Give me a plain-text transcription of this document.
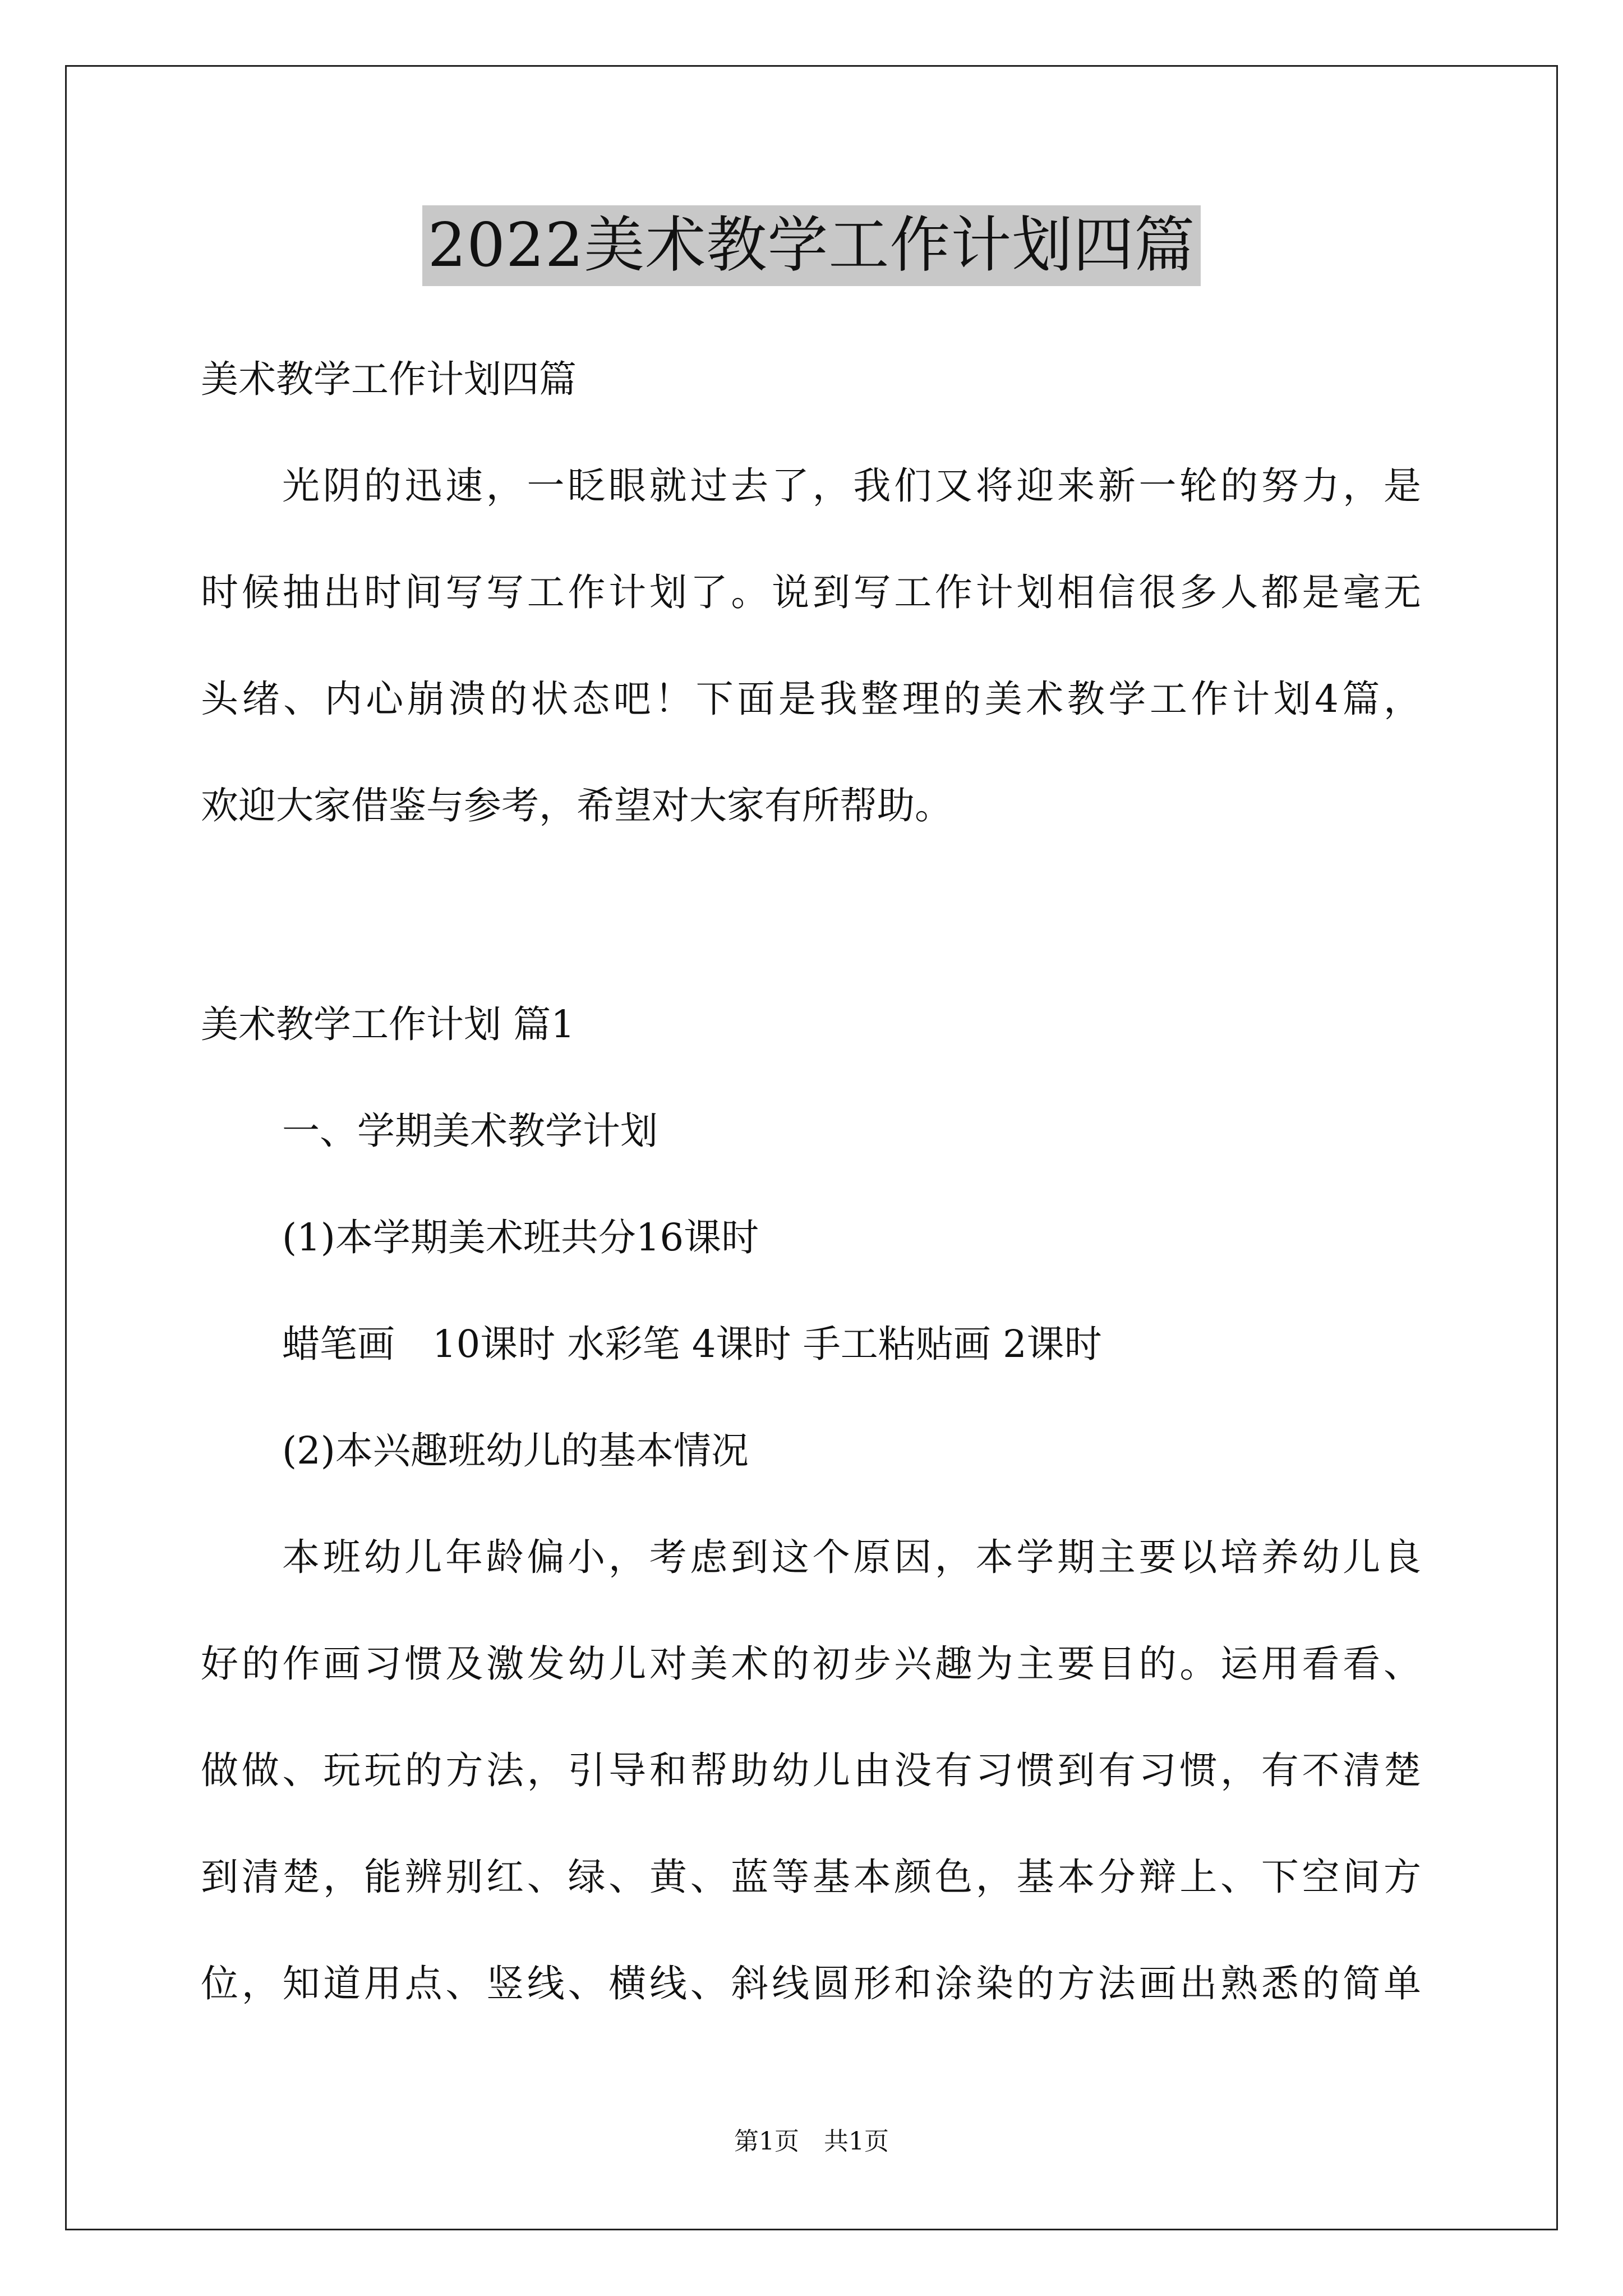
2022美术教学工作计划四篇
美术教学工作计划四篇
光阴的迅速，一眨眼就过去了，我们又将迎来新一轮的努力，是
时候抽出时间写写工作计划了。说到写工作计划相信很多人都是毫无
头绪、内心崩溃的状态吧！下面是我整理的美术教学工作计划4篇，
欢迎大家借鉴与参考，希望对大家有所帮助。
美术教学工作计划 篇1
一、学期美术教学计划
(1)本学期美术班共分16课时
蜡笔画　10课时 水彩笔 4课时 手工粘贴画 2课时
(2)本兴趣班幼儿的基本情况
本班幼儿年龄偏小，考虑到这个原因，本学期主要以培养幼儿良
好的作画习惯及激发幼儿对美术的初步兴趣为主要目的。运用看看、
做做、玩玩的方法，引导和帮助幼儿由没有习惯到有习惯，有不清楚
到清楚，能辨别红、绿、黄、蓝等基本颜色，基本分辩上、下空间方
位，知道用点、竖线、横线、斜线圆形和涂染的方法画出熟悉的简单
第1页　共1页
